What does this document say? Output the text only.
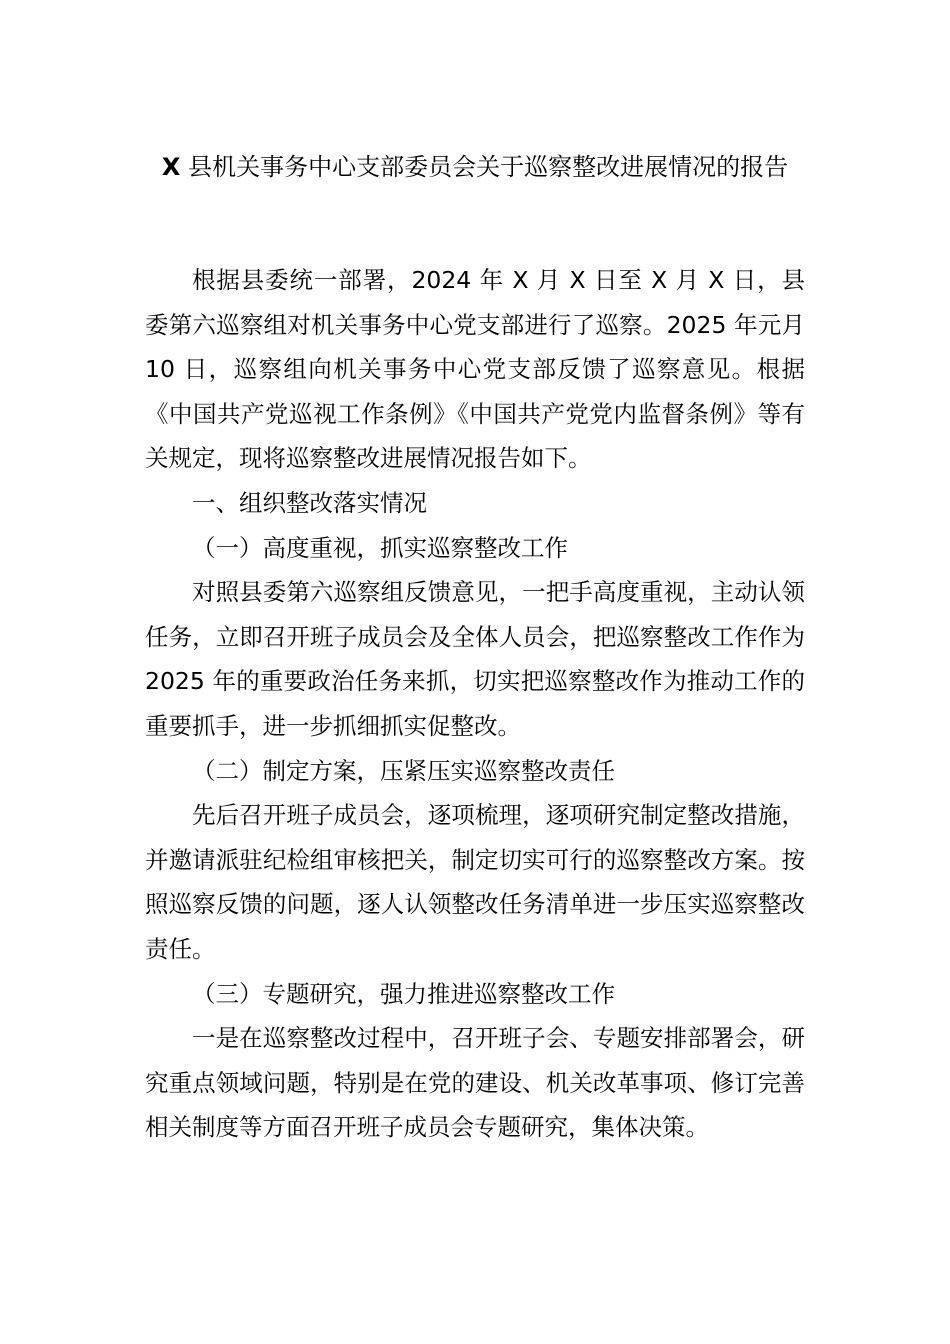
X 县机关事务中心支部委员会关于巡察整改进展情况的报告

根据县委统一部署，2024 年 X 月 X 日至 X 月 X 日，县委第六巡察组对机关事务中心党支部进行了巡察。2025 年元月 10 日，巡察组向机关事务中心党支部反馈了巡察意见。根据《中国共产党巡视工作条例》《中国共产党党内监督条例》等有关规定，现将巡察整改进展情况报告如下。

一、组织整改落实情况

（一）高度重视，抓实巡察整改工作

对照县委第六巡察组反馈意见，一把手高度重视，主动认领任务，立即召开班子成员会及全体人员会，把巡察整改工作作为 2025 年的重要政治任务来抓，切实把巡察整改作为推动工作的重要抓手，进一步抓细抓实促整改。

（二）制定方案，压紧压实巡察整改责任

先后召开班子成员会，逐项梳理，逐项研究制定整改措施，并邀请派驻纪检组审核把关，制定切实可行的巡察整改方案。按照巡察反馈的问题，逐人认领整改任务清单进一步压实巡察整改责任。

（三）专题研究，强力推进巡察整改工作

一是在巡察整改过程中，召开班子会、专题安排部署会，研究重点领域问题，特别是在党的建设、机关改革事项、修订完善相关制度等方面召开班子成员会专题研究，集体决策。
